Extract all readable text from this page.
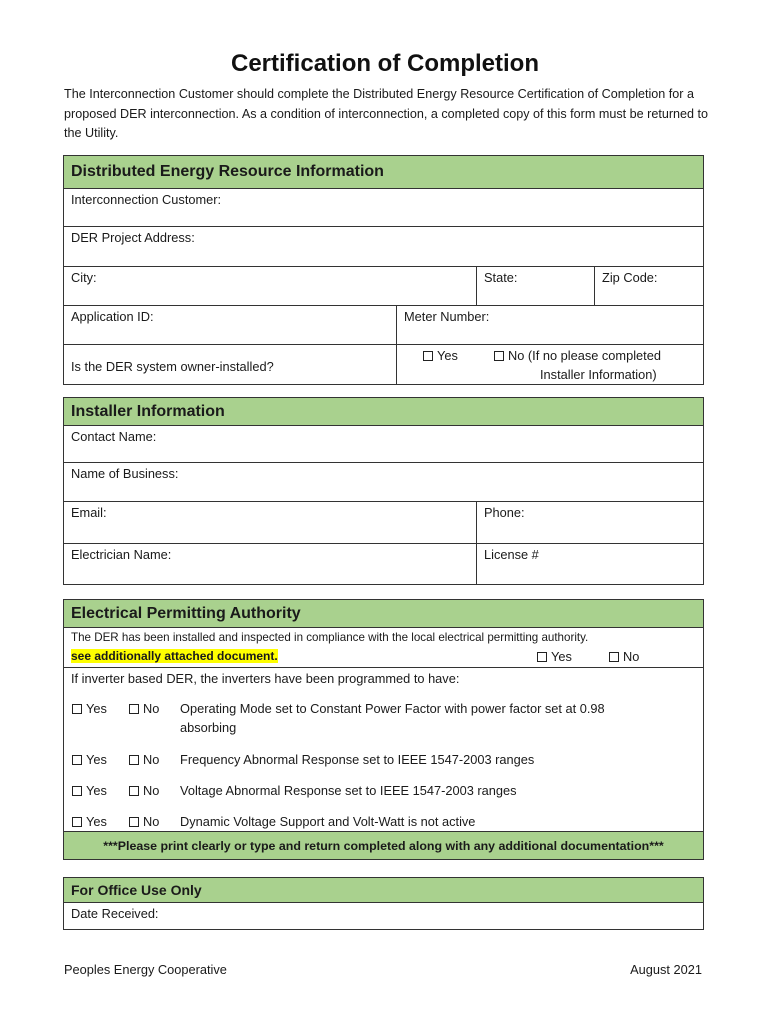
Certification of Completion
The Interconnection Customer should complete the Distributed Energy Resource Certification of Completion for a proposed DER interconnection. As a condition of interconnection, a completed copy of this form must be returned to the Utility.
Distributed Energy Resource Information
Interconnection Customer:
DER Project Address:
City:	State:	Zip Code:
Application ID:	Meter Number:
Is the DER system owner-installed?
Yes	No (If no please completed
Installer Information)
Installer Information
Contact Name:
Name of Business:
Email:	Phone:
Electrician Name:	License #
Electrical Permitting Authority
The DER has been installed and inspected in compliance with the local electrical permitting authority.
see additionally attached document.	Yes	No
If inverter based DER, the inverters have been programmed to have:
Yes	No Operating Mode set to Constant Power Factor with power factor set at 0.98
absorbing
Yes	No Frequency Abnormal Response set to IEEE 1547-2003 ranges
Yes	No Voltage Abnormal Response set to IEEE 1547-2003 ranges
Yes	No Dynamic Voltage Support and Volt-Watt is not active
***Please print clearly or type and return completed along with any additional documentation***
For Office Use Only
Date Received:
Peoples Energy Cooperative	August 2021
